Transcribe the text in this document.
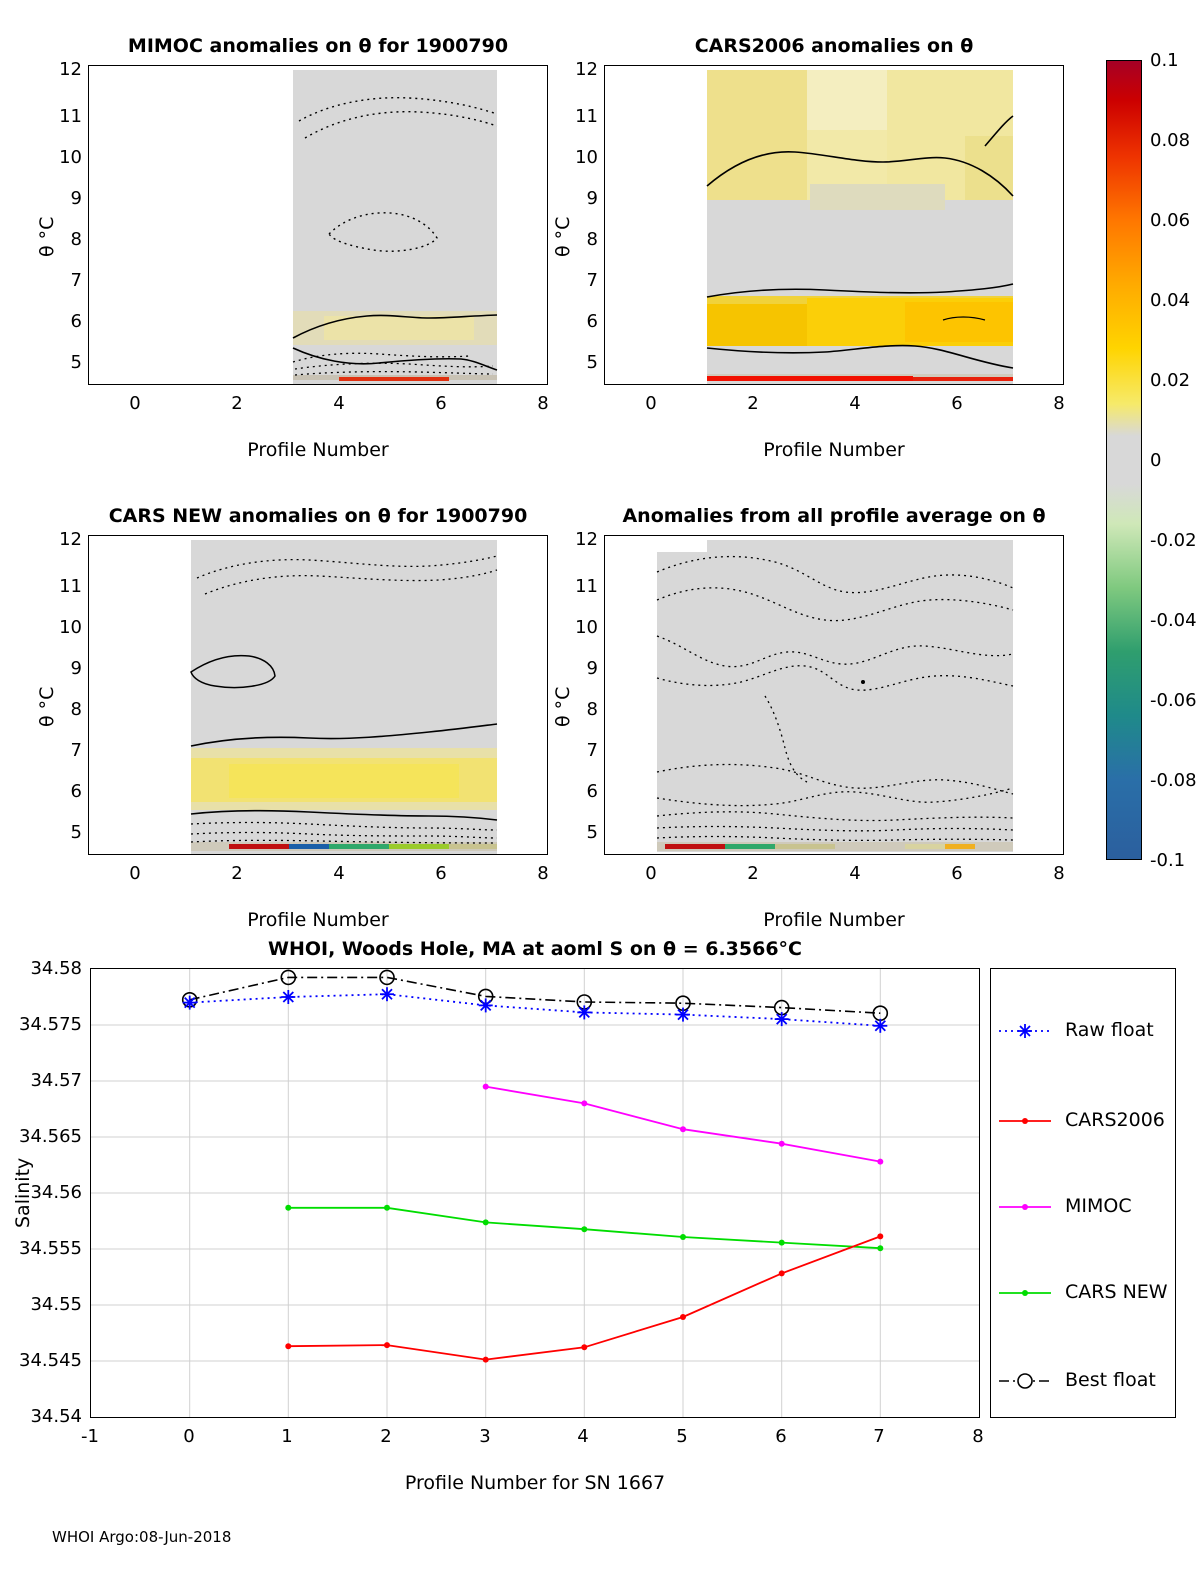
MIMOC anomalies on θ for 1900790
θ °C
Profile Number
5
6
7
8
9
10
11
12
0	2	4	6	8
CARS2006 anomalies on θ
θ °C
Profile Number
5
6
7
8
9
10
11
12
0	2	4	6	8
CARS NEW anomalies on θ for 1900790
θ °C
Profile Number
5
6
7
8
9
10
11
12
0	2	4	6	8
Anomalies from all profile average on θ
θ °C
Profile Number
5
6
7
8
9
10
11
12
0	2	4	6	8
0.1
0.08
0.06
0.04
0.02
0
-0.02
-0.04
-0.06
-0.08
-0.1
WHOI, Woods Hole, MA at aoml S on θ = 6.3566°C
Salinity
Profile Number for SN 1667
34.54
34.545
34.55
34.555
34.56
34.565
34.57
34.575
34.58
-1	0	1	2	3	4	5	6	7	8
Raw float
CARS2006
MIMOC
CARS NEW
Best float
WHOI Argo:08-Jun-2018
